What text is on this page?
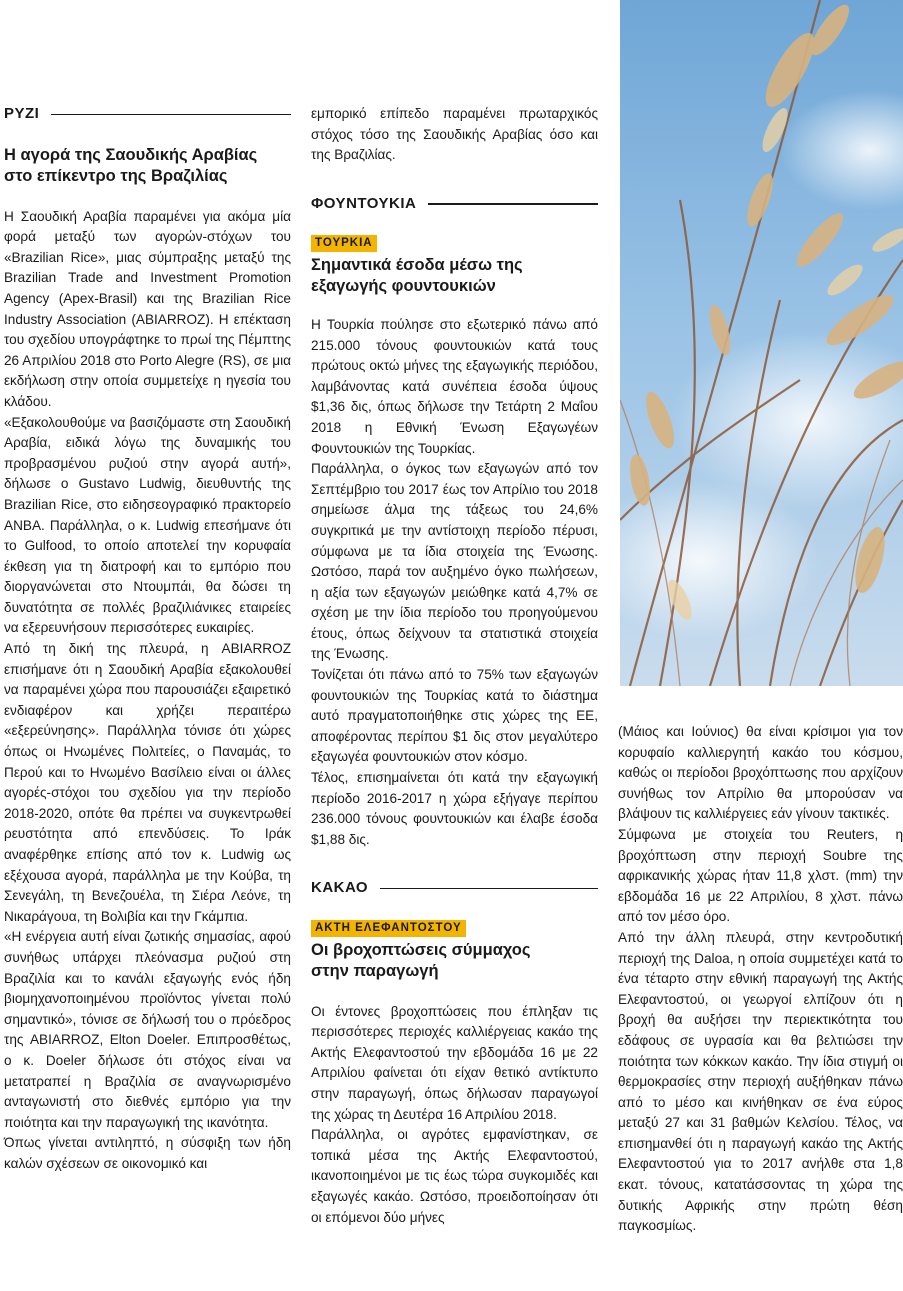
ΡΥΖΙ
Η αγορά της Σαουδικής Αραβίας στο επίκεντρο της Βραζιλίας

Η Σαουδική Αραβία παραμένει για ακόμα μία φορά μεταξύ των αγορών-στόχων του «Brazilian Rice», μιας σύμπραξης μεταξύ της Brazilian Trade and Investment Promotion Agency (Apex-Brasil) και της Brazilian Rice Industry Association (ABIARROZ). Η επέκταση του σχεδίου υπογράφτηκε το πρωί της Πέμπτης 26 Απριλίου 2018 στο Porto Alegre (RS), σε μια εκδήλωση στην οποία συμμετείχε η ηγεσία του κλάδου.

«Εξακολουθούμε να βασιζόμαστε στη Σαουδική Αραβία, ειδικά λόγω της δυναμικής του προβρασμένου ρυζιού στην αγορά αυτή», δήλωσε ο Gustavo Ludwig, διευθυντής της Brazilian Rice, στο ειδησεογραφικό πρακτορείο ANBA. Παράλληλα, ο κ. Ludwig επεσήμανε ότι το Gulfood, το οποίο αποτελεί την κορυφαία έκθεση για τη διατροφή και το εμπόριο που διοργανώνεται στο Ντουμπάι, θα δώσει τη δυνατότητα σε πολλές βραζιλιάνικες εταιρείες να εξερευνήσουν περισσότερες ευκαιρίες.

Από τη δική της πλευρά, η ABIARROZ επισήμανε ότι η Σαουδική Αραβία εξακολουθεί να παραμένει χώρα που παρουσιάζει εξαιρετικό ενδιαφέρον και χρήζει περαιτέρω «εξερεύνησης». Παράλληλα τόνισε ότι χώρες όπως οι Ηνωμένες Πολιτείες, ο Παναμάς, το Περού και το Ηνωμένο Βασίλειο είναι οι άλλες αγορές-στόχοι του σχεδίου για την περίοδο 2018-2020, οπότε θα πρέπει να συγκεντρωθεί ρευστότητα από επενδύσεις. Το Ιράκ αναφέρθηκε επίσης από τον κ. Ludwig ως εξέχουσα αγορά, παράλληλα με την Κούβα, τη Σενεγάλη, τη Βενεζουέλα, τη Σιέρα Λεόνε, τη Νικαράγουα, τη Βολιβία και την Γκάμπια.

«Η ενέργεια αυτή είναι ζωτικής σημασίας, αφού συνήθως υπάρχει πλεόνασμα ρυζιού στη Βραζιλία και το κανάλι εξαγωγής ενός ήδη βιομηχανοποιημένου προϊόντος γίνεται πολύ σημαντικό», τόνισε σε δήλωσή του ο πρόεδρος της ABIARROZ, Elton Doeler. Επιπροσθέτως, ο κ. Doeler δήλωσε ότι στόχος είναι να μετατραπεί η Βραζιλία σε αναγνωρισμένο ανταγωνιστή στο διεθνές εμπόριο για την ποιότητα και την παραγωγική της ικανότητα.

Όπως γίνεται αντιληπτό, η σύσφιξη των ήδη καλών σχέσεων σε οικονομικό και

εμπορικό επίπεδο παραμένει πρωταρχικός στόχος τόσο της Σαουδικής Αραβίας όσο και της Βραζιλίας.

ΦΟΥΝΤΟΥΚΙΑ
ΤΟΥΡΚΙΑ
Σημαντικά έσοδα μέσω της εξαγωγής φουντουκιών

Η Τουρκία πούλησε στο εξωτερικό πάνω από 215.000 τόνους φουντουκιών κατά τους πρώτους οκτώ μήνες της εξαγωγικής περιόδου, λαμβάνοντας κατά συνέπεια έσοδα ύψους $1,36 δις, όπως δήλωσε την Τετάρτη 2 Μαΐου 2018 η Εθνική Ένωση Εξαγωγέων Φουντουκιών της Τουρκίας.

Παράλληλα, ο όγκος των εξαγωγών από τον Σεπτέμβριο του 2017 έως τον Απρίλιο του 2018 σημείωσε άλμα της τάξεως του 24,6% συγκριτικά με την αντίστοιχη περίοδο πέρυσι, σύμφωνα με τα ίδια στοιχεία της Ένωσης. Ωστόσο, παρά τον αυξημένο όγκο πωλήσεων, η αξία των εξαγωγών μειώθηκε κατά 4,7% σε σχέση με την ίδια περίοδο του προηγούμενου έτους, όπως δείχνουν τα στατιστικά στοιχεία της Ένωσης.

Τονίζεται ότι πάνω από το 75% των εξαγωγών φουντουκιών της Τουρκίας κατά το διάστημα αυτό πραγματοποιήθηκε στις χώρες της ΕΕ, αποφέροντας περίπου $1 δις στον μεγαλύτερο εξαγωγέα φουντουκιών στον κόσμο.

Τέλος, επισημαίνεται ότι κατά την εξαγωγική περίοδο 2016-2017 η χώρα εξήγαγε περίπου 236.000 τόνους φουντουκιών και έλαβε έσοδα $1,88 δις.

ΚΑΚΑΟ
ΑΚΤΗ ΕΛΕΦΑΝΤΟΣΤΟΥ
Οι βροχοπτώσεις σύμμαχος στην παραγωγή

Οι έντονες βροχοπτώσεις που έπληξαν τις περισσότερες περιοχές καλλιέργειας κακάο της Ακτής Ελεφαντοστού την εβδομάδα 16 με 22 Απριλίου φαίνεται ότι είχαν θετικό αντίκτυπο στην παραγωγή, όπως δήλωσαν παραγωγοί της χώρας τη Δευτέρα 16 Απριλίου 2018.

Παράλληλα, οι αγρότες εμφανίστηκαν, σε τοπικά μέσα της Ακτής Ελεφαντοστού, ικανοποιημένοι με τις έως τώρα συγκομιδές και εξαγωγές κακάο. Ωστόσο, προειδοποίησαν ότι οι επόμενοι δύο μήνες

(Μάιος και Ιούνιος) θα είναι κρίσιμοι για τον κορυφαίο καλλιεργητή κακάο του κόσμου, καθώς οι περίοδοι βροχόπτωσης που αρχίζουν συνήθως τον Απρίλιο θα μπορούσαν να βλάψουν τις καλλιέργειες εάν γίνουν τακτικές.

Σύμφωνα με στοιχεία του Reuters, η βροχόπτωση στην περιοχή Soubre της αφρικανικής χώρας ήταν 11,8 χλστ. (mm) την εβδομάδα 16 με 22 Απριλίου, 8 χλστ. πάνω από τον μέσο όρο.

Από την άλλη πλευρά, στην κεντροδυτική περιοχή της Daloa, η οποία συμμετέχει κατά το ένα τέταρτο στην εθνική παραγωγή της Ακτής Ελεφαντοστού, οι γεωργοί ελπίζουν ότι η βροχή θα αυξήσει την περιεκτικότητα του εδάφους σε υγρασία και θα βελτιώσει την ποιότητα των κόκκων κακάο. Την ίδια στιγμή οι θερμοκρασίες στην περιοχή αυξήθηκαν πάνω από το μέσο και κινήθηκαν σε ένα εύρος μεταξύ 27 και 31 βαθμών Κελσίου. Τέλος, να επισημανθεί ότι η παραγωγή κακάο της Ακτής Ελεφαντοστού για το 2017 ανήλθε στα 1,8 εκατ. τόνους, κατατάσσοντας τη χώρα της δυτικής Αφρικής στην πρώτη θέση παγκοσμίως.
